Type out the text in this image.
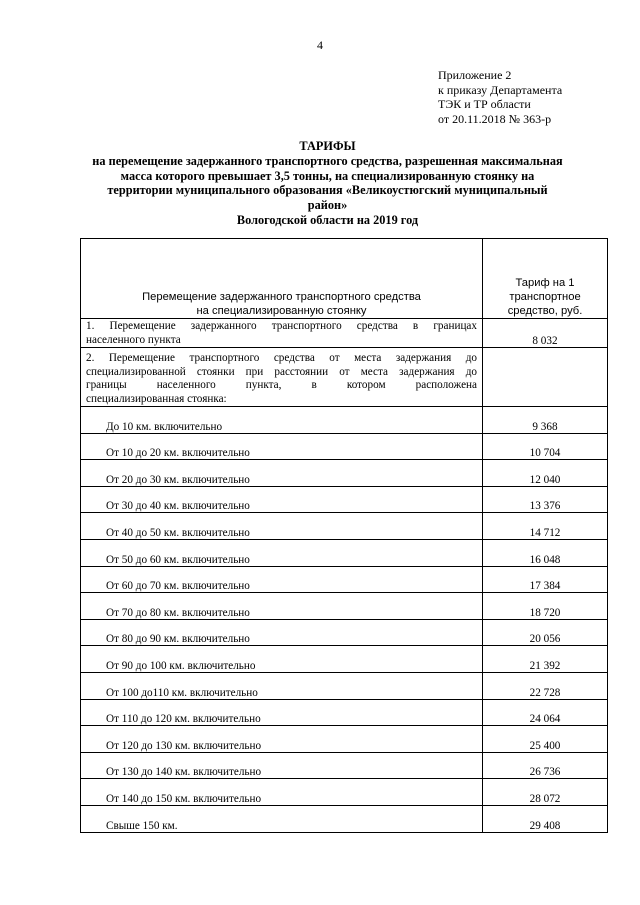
4
Приложение 2
к приказу Департамента
ТЭК и ТР области
от 20.11.2018 № 363-р
ТАРИФЫ
на перемещение задержанного транспортного средства, разрешенная максимальная
масса которого превышает 3,5 тонны, на специализированную стоянку на
территории муниципального образования «Великоустюгский муниципальный
район»
Вологодской области на 2019 год
Перемещение задержанного транспортного средства на специализированную стоянку	Тариф на 1 транспортное средство, руб.

1. Перемещение задержанного транспортного средства в границах
населенного пункта	8 032

2. Перемещение транспортного средства от места задержания до
специализированной стоянки при расстоянии от места задержания до
границы населенного пункта, в котором расположена
специализированная стоянка:	

До 10 км. включительно	9 368
От 10 до 20 км. включительно	10 704
От 20 до 30 км. включительно	12 040
От 30 до 40 км. включительно	13 376
От 40 до 50 км. включительно	14 712
От 50 до 60 км. включительно	16 048
От 60 до 70 км. включительно	17 384
От 70 до 80 км. включительно	18 720
От 80 до 90 км. включительно	20 056
От 90 до 100 км. включительно	21 392
От 100 до110 км. включительно	22 728
От 110 до 120 км. включительно	24 064
От 120 до 130 км. включительно	25 400
От 130 до 140 км. включительно	26 736
От 140 до 150 км. включительно	28 072
Свыше 150 км.	29 408
